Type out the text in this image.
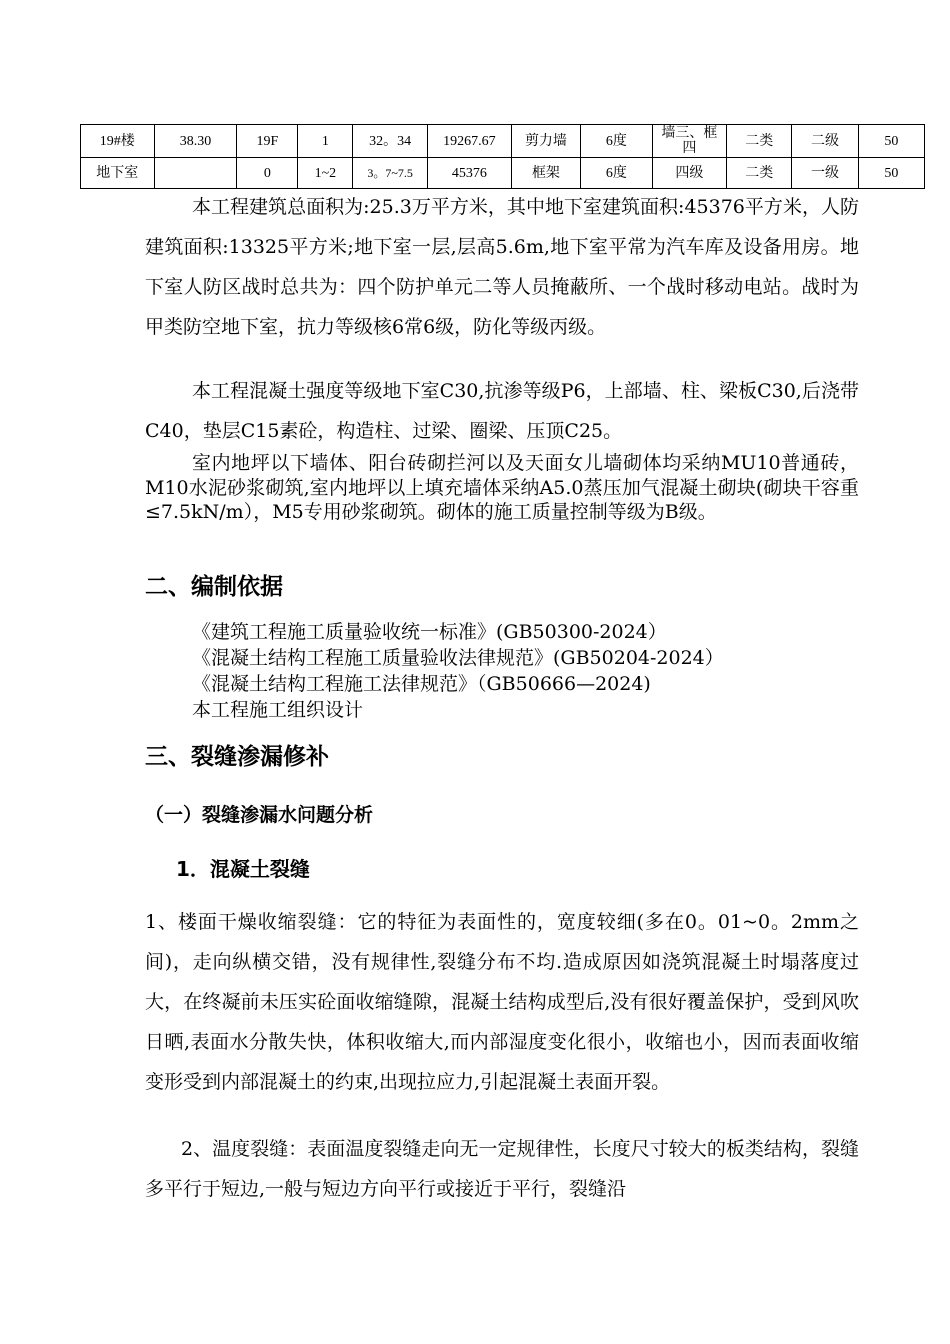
19#楼	38.30	19F	1	32。34	19267.67	剪力墙	6度	墙三、框四	二类	二级	50
地下室		0	1~2	3。7~7.5	45376	框架	6度	四级	二类	一级	50

本工程建筑总面积为:25.3万平方米，其中地下室建筑面积:45376平方米，人防建筑面积:13325平方米;地下室一层,层高5.6m,地下室平常为汽车库及设备用房。地下室人防区战时总共为：四个防护单元二等人员掩蔽所、一个战时移动电站。战时为甲类防空地下室，抗力等级核6常6级，防化等级丙级。

本工程混凝土强度等级地下室C30,抗渗等级P6，上部墙、柱、梁板C30,后浇带C40，垫层C15素砼，构造柱、过梁、圈梁、压顶C25。

室内地坪以下墙体、阳台砖砌拦河以及天面女儿墙砌体均采纳MU10普通砖，M10水泥砂浆砌筑,室内地坪以上填充墙体采纳A5.0蒸压加气混凝土砌块(砌块干容重≤7.5kN/m），M5专用砂浆砌筑。砌体的施工质量控制等级为B级。

二、编制依据
《建筑工程施工质量验收统一标准》(GB50300-2024）
《混凝土结构工程施工质量验收法律规范》(GB50204-2024）
《混凝土结构工程施工法律规范》（GB50666—2024)
本工程施工组织设计
三、裂缝渗漏修补
（一）裂缝渗漏水问题分析
1．混凝土裂缝

1、楼面干燥收缩裂缝：它的特征为表面性的，宽度较细(多在0。01~0。2mm之间)，走向纵横交错，没有规律性,裂缝分布不均.造成原因如浇筑混凝土时塌落度过大，在终凝前未压实砼面收缩缝隙，混凝土结构成型后,没有很好覆盖保护，受到风吹日晒,表面水分散失快，体积收缩大,而内部湿度变化很小，收缩也小，因而表面收缩变形受到内部混凝土的约束,出现拉应力,引起混凝土表面开裂。

2、温度裂缝：表面温度裂缝走向无一定规律性，长度尺寸较大的板类结构，裂缝多平行于短边,一般与短边方向平行或接近于平行，裂缝沿
